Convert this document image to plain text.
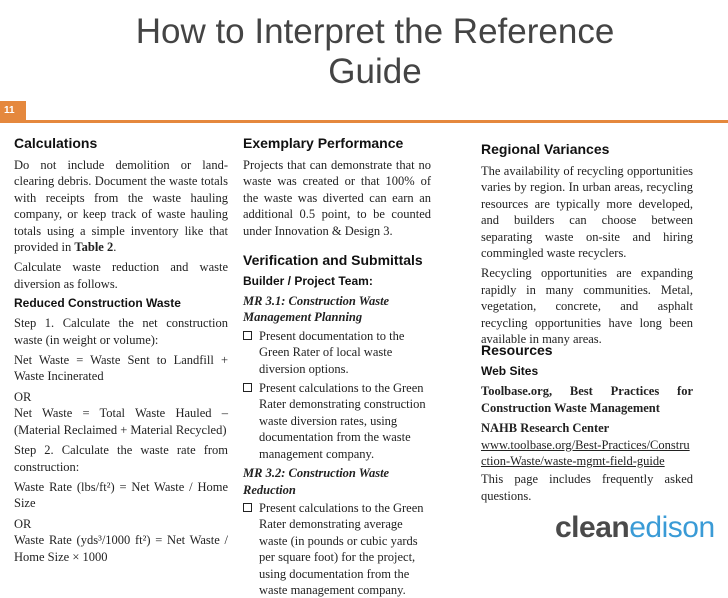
How to Interpret the Reference Guide
11
Calculations

Do not include demolition or land-clearing debris. Document the waste totals with receipts from the waste hauling company, or keep track of waste hauling totals using a simple inventory like that provided in Table 2.

Calculate waste reduction and waste diversion as follows.

Reduced Construction Waste

Step 1. Calculate the net construction waste (in weight or volume):

Net Waste = Waste Sent to Landfill + Waste Incinerated

OR

Net Waste = Total Waste Hauled – (Material Reclaimed + Material Recycled)

Step 2. Calculate the waste rate from construction:

Waste Rate (lbs/ft²) = Net Waste / Home Size

OR

Waste Rate (yds³/1000 ft²) = Net Waste / Home Size × 1000

Exemplary Performance

Projects that can demonstrate that no waste was created or that 100% of the waste was diverted can earn an additional 0.5 point, to be counted under Innovation & Design 3.

Verification and Submittals
Builder / Project Team:
MR 3.1: Construction Waste Management Planning
Present documentation to the Green Rater of local waste diversion options.
Present calculations to the Green Rater demonstrating construction waste diversion rates, using documentation from the waste management company.
MR 3.2: Construction Waste Reduction
Present calculations to the Green Rater demonstrating average waste (in pounds or cubic yards per square foot) for the project, using documentation from the waste management company.
Regional Variances

The availability of recycling opportunities varies by region. In urban areas, recycling resources are typically more developed, and builders can choose between separating waste on-site and hiring commingled waste recyclers.

Recycling opportunities are expanding rapidly in many communities. Metal, vegetation, concrete, and asphalt recycling opportunities have long been available in many areas.

Resources
Web Sites

Toolbase.org, Best Practices for Construction Waste Management

NAHB Research Center

www.toolbase.org/Best-Practices/Construction-Waste/waste-mgmt-field-guide

This page includes frequently asked questions.

cleanedison
